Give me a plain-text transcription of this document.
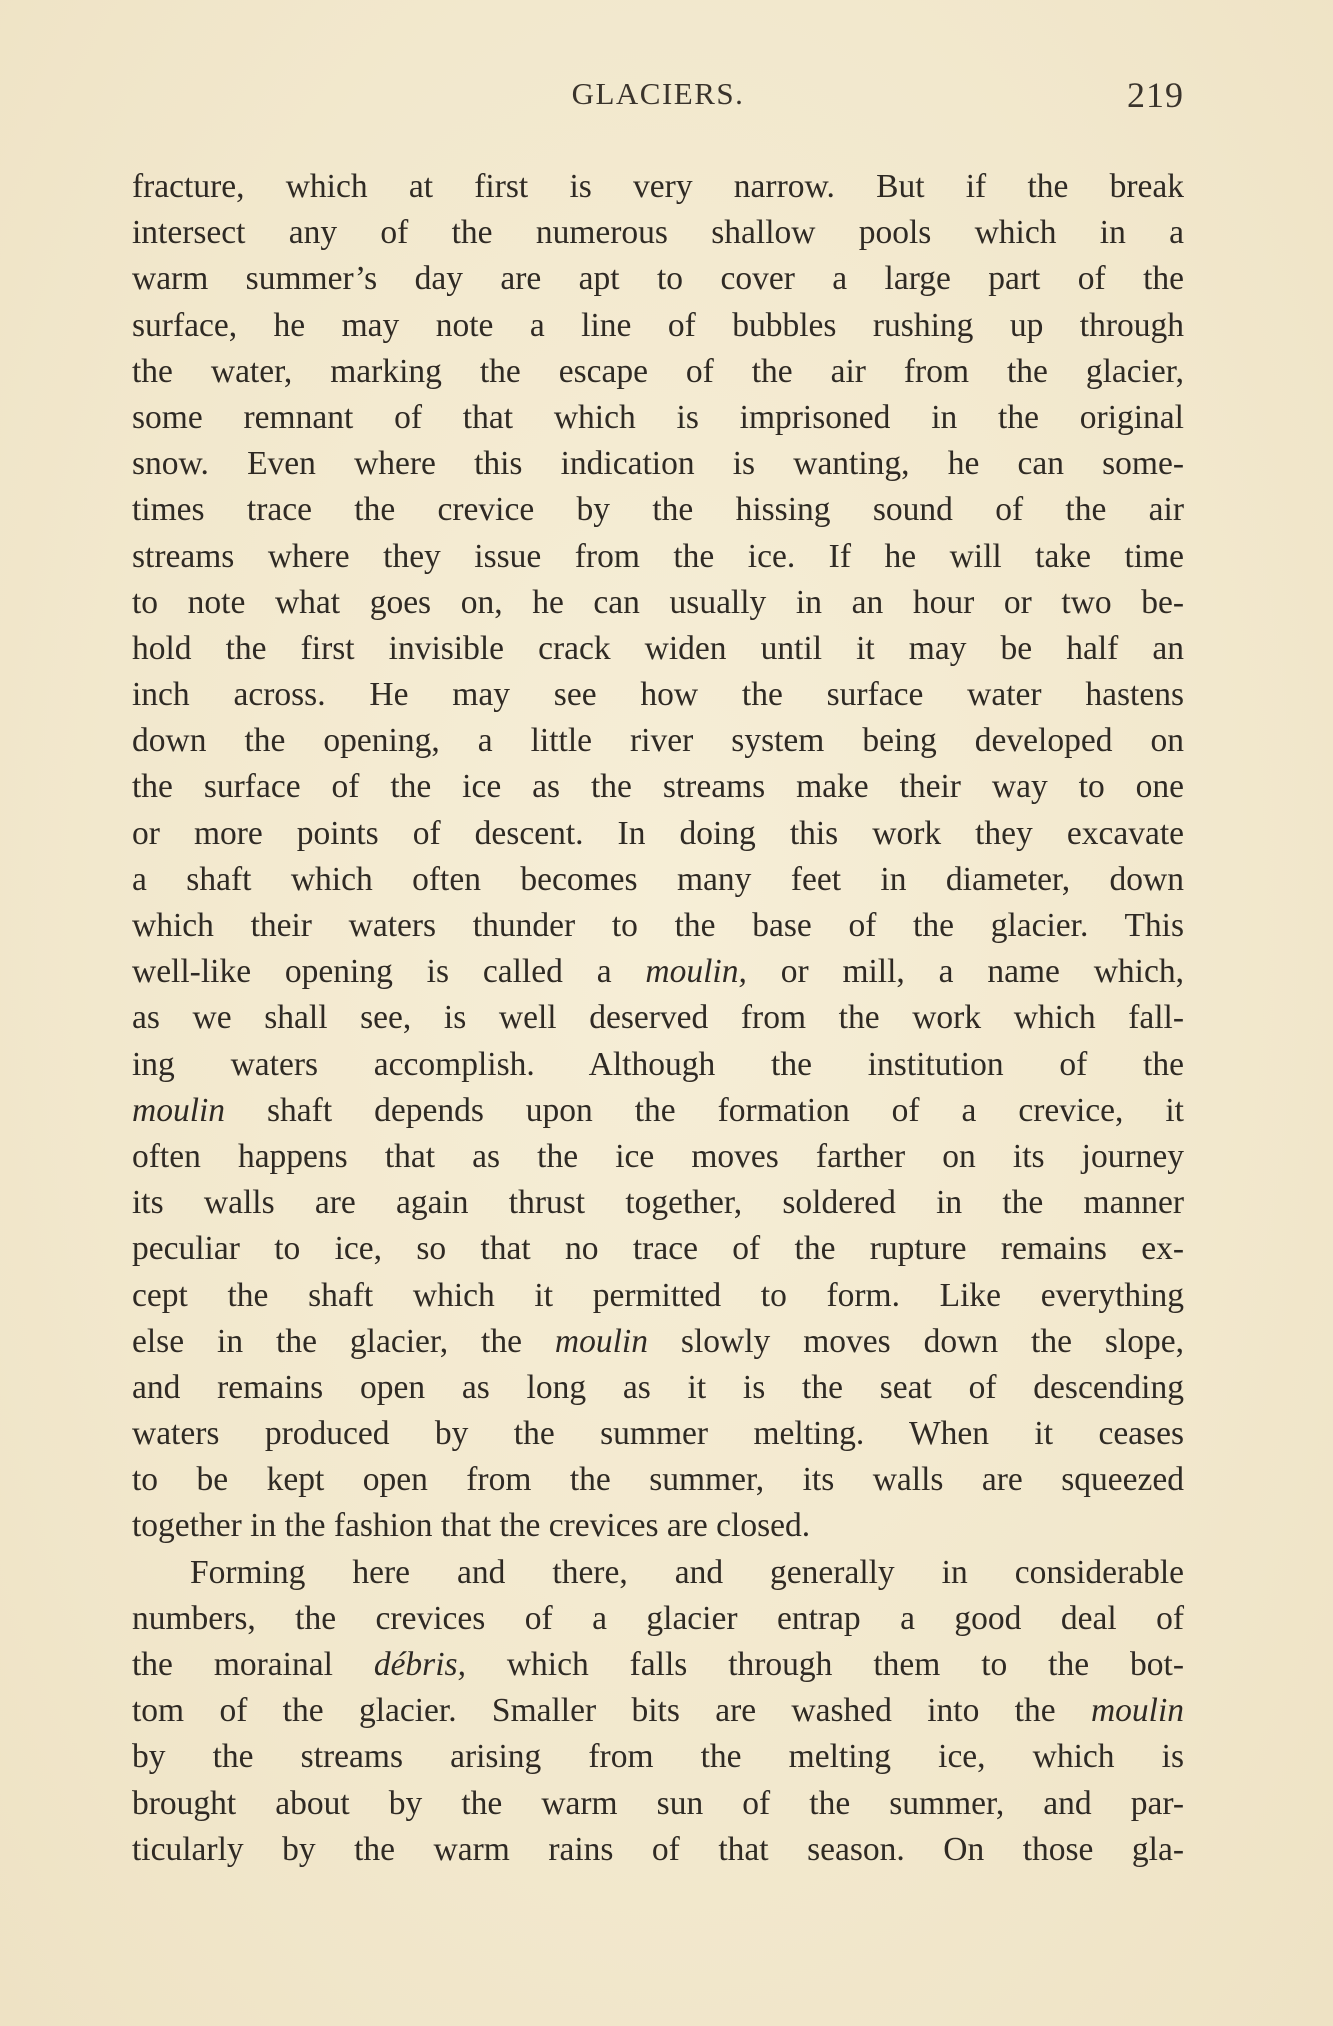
GLACIERS.	219
fracture, which at first is very narrow. But if the break
intersect any of the numerous shallow pools which in a
warm summer’s day are apt to cover a large part of the
surface, he may note a line of bubbles rushing up through
the water, marking the escape of the air from the glacier,
some remnant of that which is imprisoned in the original
snow. Even where this indication is wanting, he can some-
times trace the crevice by the hissing sound of the air
streams where they issue from the ice. If he will take time
to note what goes on, he can usually in an hour or two be-
hold the first invisible crack widen until it may be half an
inch across. He may see how the surface water hastens
down the opening, a little river system being developed on
the surface of the ice as the streams make their way to one
or more points of descent. In doing this work they excavate
a shaft which often becomes many feet in diameter, down
which their waters thunder to the base of the glacier. This
well-like opening is called a moulin, or mill, a name which,
as we shall see, is well deserved from the work which fall-
ing waters accomplish. Although the institution of the
moulin shaft depends upon the formation of a crevice, it
often happens that as the ice moves farther on its journey
its walls are again thrust together, soldered in the manner
peculiar to ice, so that no trace of the rupture remains ex-
cept the shaft which it permitted to form. Like everything
else in the glacier, the moulin slowly moves down the slope,
and remains open as long as it is the seat of descending
waters produced by the summer melting. When it ceases
to be kept open from the summer, its walls are squeezed
together in the fashion that the crevices are closed.
Forming here and there, and generally in considerable
numbers, the crevices of a glacier entrap a good deal of
the morainal débris, which falls through them to the bot-
tom of the glacier. Smaller bits are washed into the moulin
by the streams arising from the melting ice, which is
brought about by the warm sun of the summer, and par-
ticularly by the warm rains of that season. On those gla-
